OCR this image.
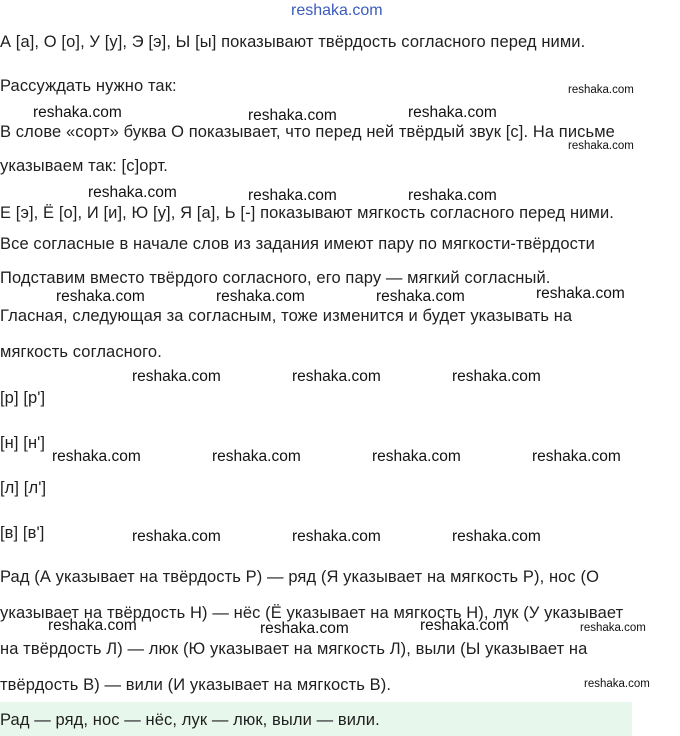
reshaka.com
А [а], О [о], У [у], Э [э], Ы [ы] показывают твёрдость согласного перед ними.
Рассуждать нужно так:
В слове «сорт» буква О показывает, что перед ней твёрдый звук [с]. На письме
указываем так: [с]орт.
Е [э], Ё [о], И [и], Ю [у], Я [а], Ь [-] показывают мягкость согласного перед ними.
Все согласные в начале слов из задания имеют пару по мягкости-твёрдости
Подставим вместо твёрдого согласного, его пару — мягкий согласный.
Гласная, следующая за согласным, тоже изменится и будет указывать на
мягкость согласного.
[р] [р']
[н] [н']
[л] [л']
[в] [в']
Рад (А указывает на твёрдость Р) — ряд (Я указывает на мягкость Р), нос (О
указывает на твёрдость Н) — нёс (Ё указывает на мягкость Н), лук (У указывает
на твёрдость Л) — люк (Ю указывает на мягкость Л), выли (Ы указывает на
твёрдость В) — вили (И указывает на мягкость В).
Рад — ряд, нос — нёс, лук — люк, выли — вили.
reshaka.com
reshaka.com	reshaka.com	reshaka.com
reshaka.com
reshaka.com	reshaka.com	reshaka.com
reshaka.com	reshaka.com	reshaka.com	reshaka.com
reshaka.com	reshaka.com	reshaka.com
reshaka.com	reshaka.com	reshaka.com	reshaka.com
reshaka.com	reshaka.com	reshaka.com
reshaka.com	reshaka.com	reshaka.com	reshaka.com
reshaka.com
